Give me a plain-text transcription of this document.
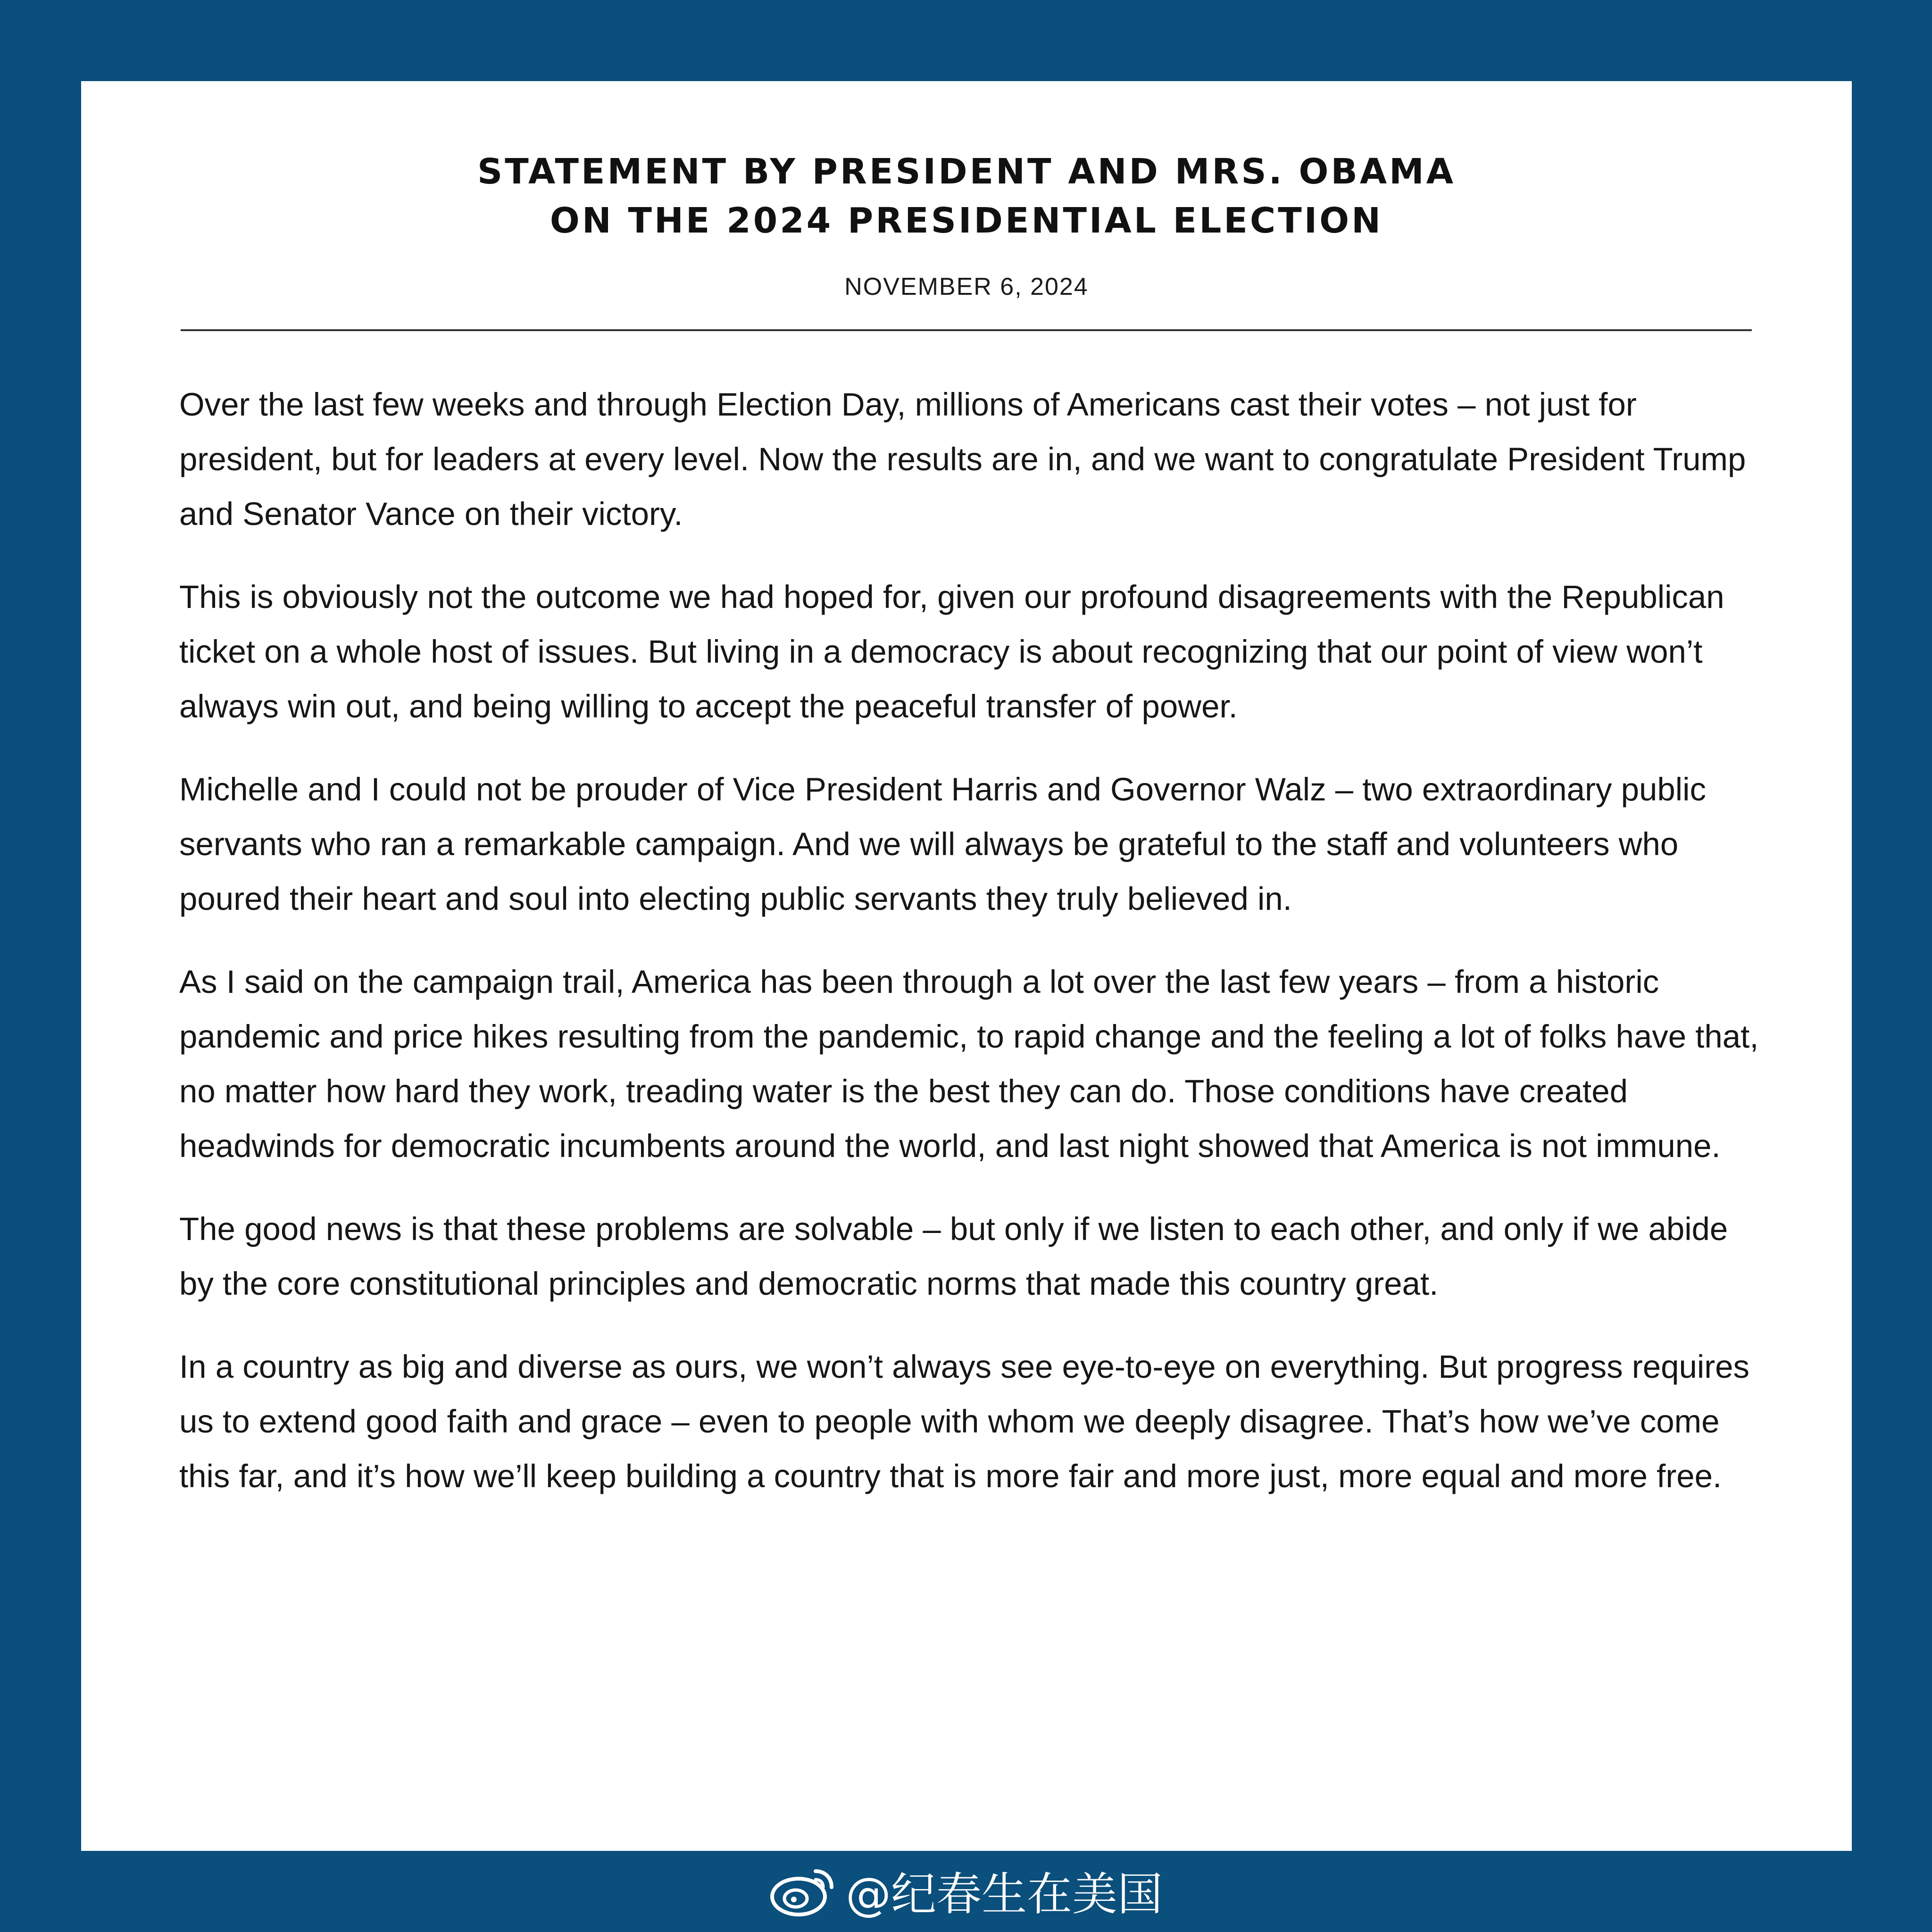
STATEMENT BY PRESIDENT AND MRS. OBAMA
ON THE 2024 PRESIDENTIAL ELECTION
NOVEMBER 6, 2024

Over the last few weeks and through Election Day, millions of Americans cast their votes – not just for president, but for leaders at every level. Now the results are in, and we want to congratulate President Trump and Senator Vance on their victory.

This is obviously not the outcome we had hoped for, given our profound disagreements with the Republican ticket on a whole host of issues. But living in a democracy is about recognizing that our point of view won’t always win out, and being willing to accept the peaceful transfer of power.

Michelle and I could not be prouder of Vice President Harris and Governor Walz – two extraordinary public servants who ran a remarkable campaign. And we will always be grateful to the staff and volunteers who poured their heart and soul into electing public servants they truly believed in.

As I said on the campaign trail, America has been through a lot over the last few years – from a historic pandemic and price hikes resulting from the pandemic, to rapid change and the feeling a lot of folks have that, no matter how hard they work, treading water is the best they can do. Those conditions have created headwinds for democratic incumbents around the world, and last night showed that America is not immune.

The good news is that these problems are solvable – but only if we listen to each other, and only if we abide by the core constitutional principles and democratic norms that made this country great.

In a country as big and diverse as ours, we won’t always see eye-to-eye on everything. But progress requires us to extend good faith and grace – even to people with whom we deeply disagree. That’s how we’ve come this far, and it’s how we’ll keep building a country that is more fair and more just, more equal and more free.

@纪春生在美国
